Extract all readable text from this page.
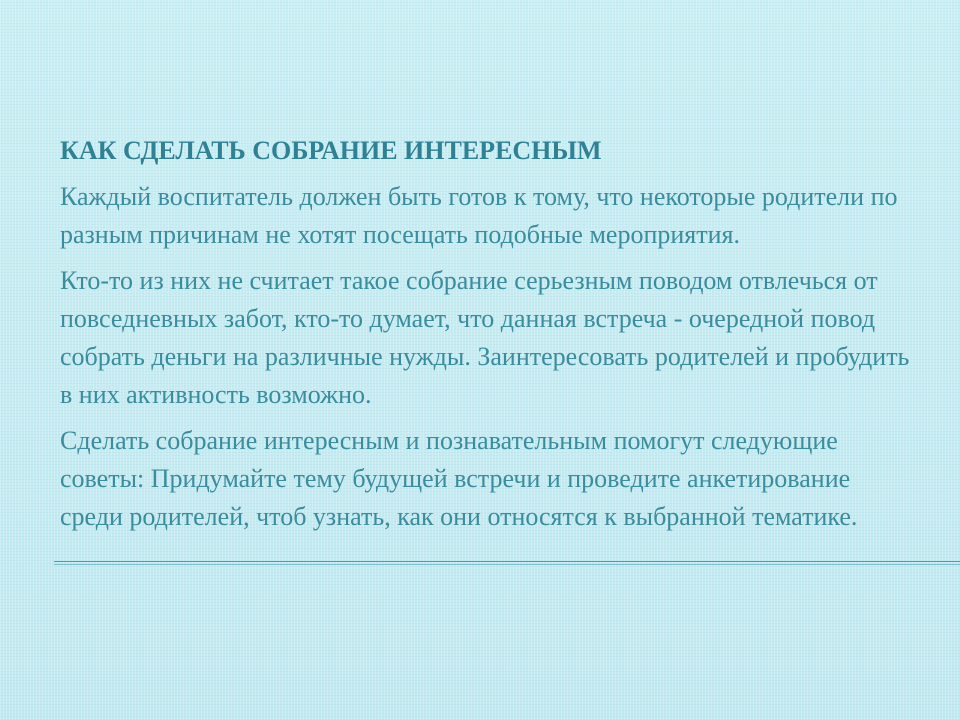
КАК СДЕЛАТЬ СОБРАНИЕ ИНТЕРЕСНЫМ

Каждый воспитатель должен быть готов к тому, что некоторые родители по разным причинам не хотят посещать подобные мероприятия.

Кто-то из них не считает такое собрание серьезным поводом отвлечься от повседневных забот, кто-то думает, что данная встреча - очередной повод собрать деньги на различные нужды. Заинтересовать родителей и пробудить в них активность возможно.

Сделать собрание интересным и познавательным помогут следующие советы: Придумайте тему будущей встречи и проведите анкетирование среди родителей, чтоб узнать, как они относятся к выбранной тематике.
